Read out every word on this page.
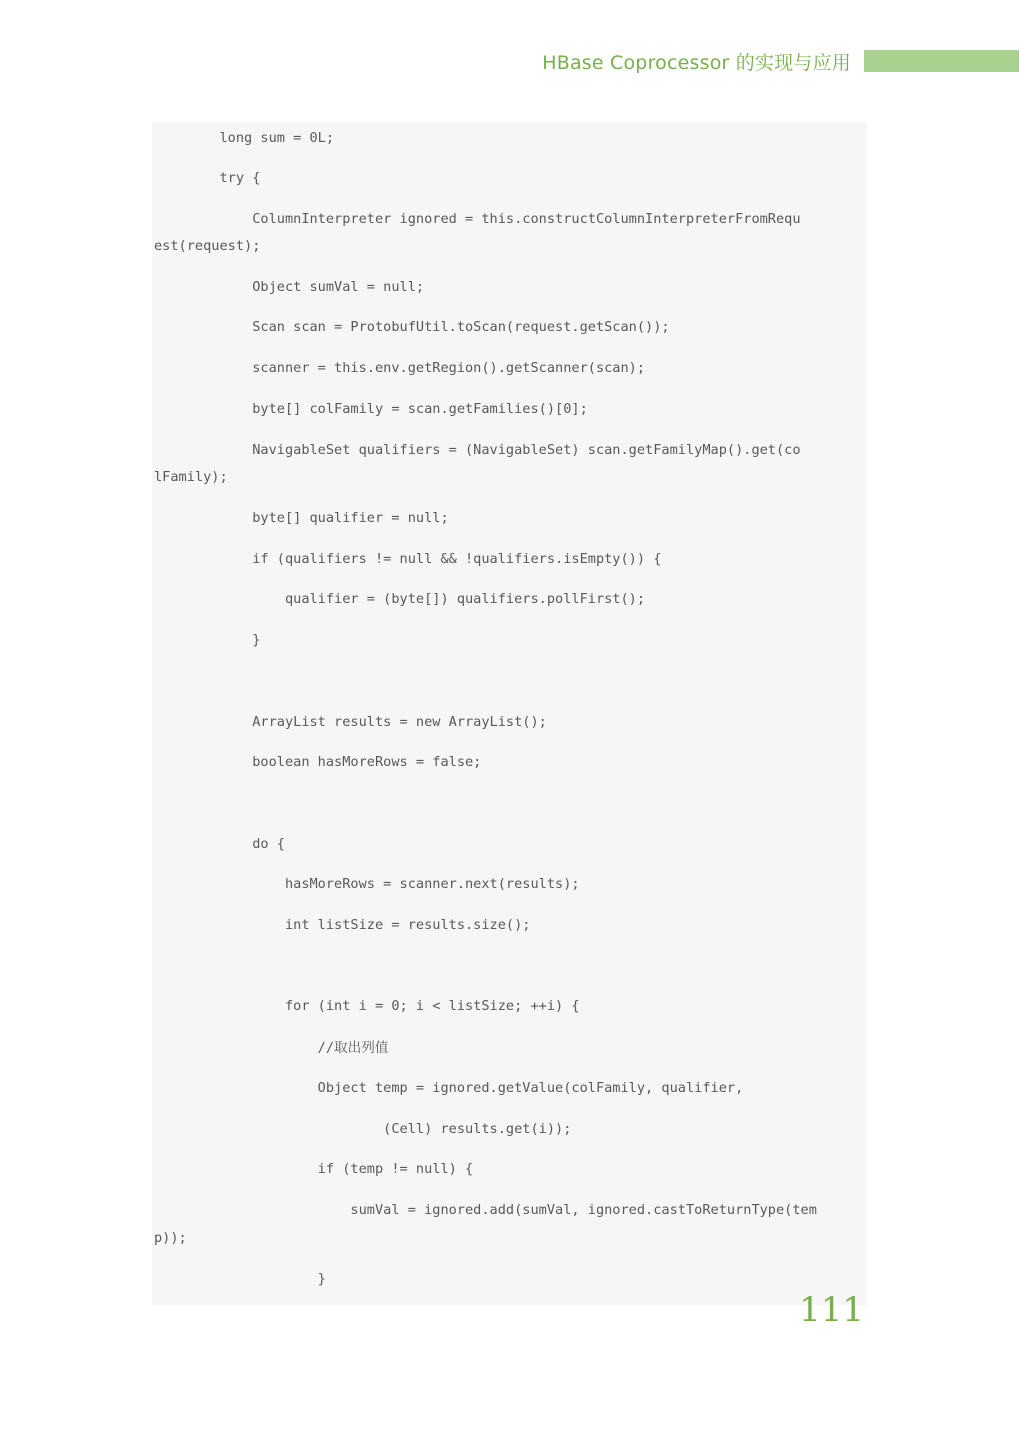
HBase Coprocessor 的实现与应用
long sum = 0L;
try {
ColumnInterpreter ignored = this.constructColumnInterpreterFromRequ
est(request);
Object sumVal = null;
Scan scan = ProtobufUtil.toScan(request.getScan());
scanner = this.env.getRegion().getScanner(scan);
byte[] colFamily = scan.getFamilies()[0];
NavigableSet qualifiers = (NavigableSet) scan.getFamilyMap().get(co
lFamily);
byte[] qualifier = null;
if (qualifiers != null && !qualifiers.isEmpty()) {
qualifier = (byte[]) qualifiers.pollFirst();
}
ArrayList results = new ArrayList();
boolean hasMoreRows = false;
do {
hasMoreRows = scanner.next(results);
int listSize = results.size();
for (int i = 0; i < listSize; ++i) {
//取出列值
Object temp = ignored.getValue(colFamily, qualifier,
(Cell) results.get(i));
if (temp != null) {
sumVal = ignored.add(sumVal, ignored.castToReturnType(tem
p));
}
111
